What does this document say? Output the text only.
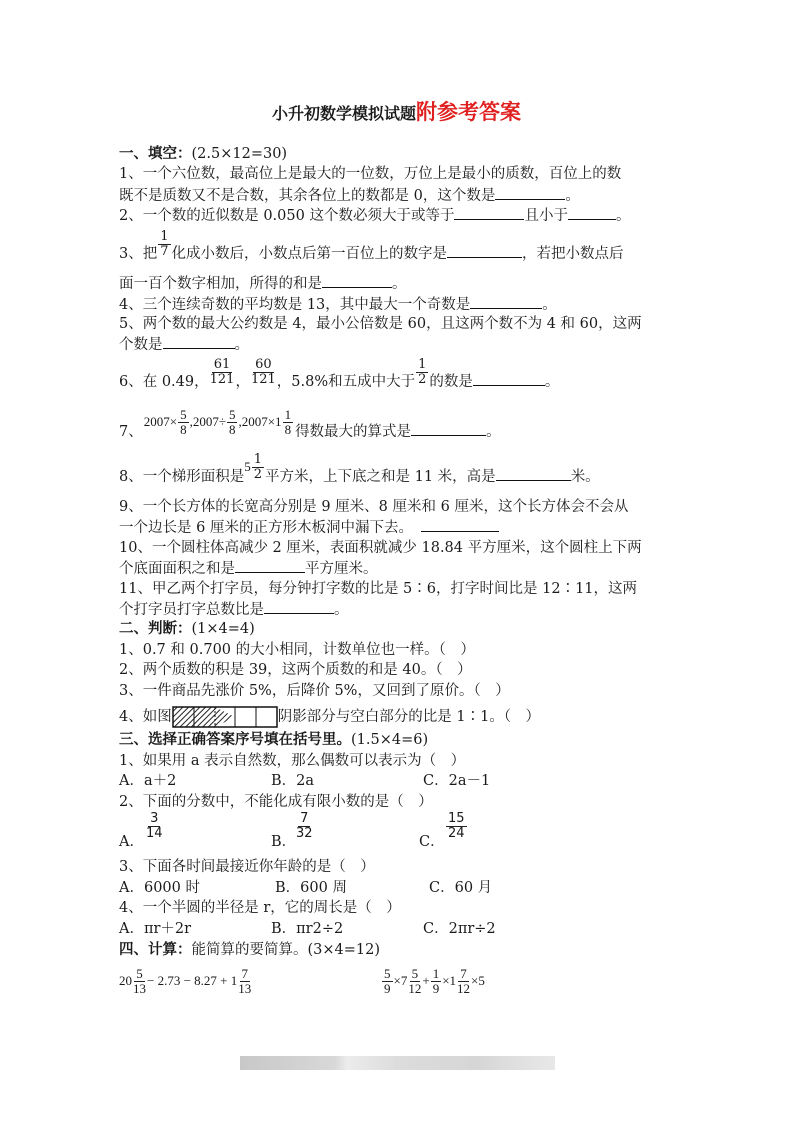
小升初数学模拟试题附参考答案
一、填空：(2.5×12=30)
1、一个六位数，最高位上是最大的一位数，万位上是最小的质数，百位上的数
既不是质数又不是合数，其余各位上的数都是 0，这个数是	。
2、一个数的近似数是 0.050 这个数必须大于或等于	且小于	。
3、把 $\frac{1}{7}$ 化成小数后，小数点后第一百位上的数字是	，若把小数点后
面一百个数字相加，所得的和是	。
4、三个连续奇数的平均数是 13，其中最大一个奇数是	。
5、两个数的最大公约数是 4，最小公倍数是 60，且这两个数不为 4 和 60，这两
个数是	。
6、在 0.49， $\frac{61}{121}$ ， $\frac{60}{121}$ ，5.8%和五成中大于 $\frac{1}{2}$ 的数是	。
7、
$2007\times \frac{5}{8} ,2007\div \frac{5}{8} ,2007\times 1 \frac{1}{8}$ 得数最大的算式是	。
8、一个梯形面积是$5 \frac{1}{2}$ 平方米，上下底之和是 11 米，高是	米。
9、一个长方体的长宽高分别是 9 厘米、8 厘米和 6 厘米，这个长方体会不会从
一个边长是 6 厘米的正方形木板洞中漏下去。
10、一个圆柱体高减少 2 厘米，表面积就减少 18.84 平方厘米，这个圆柱上下两
个底面面积之和是	平方厘米。
11、甲乙两个打字员，每分钟打字数的比是 5∶6，打字时间比是 12∶11，这两
个打字员打字总数比是	。
二、判断：(1×4=4)
1、0.7 和 0.700 的大小相同，计数单位也一样。（　）
2、两个质数的积是 39，这两个质数的和是 40。（　）
3、一件商品先涨价 5%，后降价 5%，又回到了原价。（　）
4、如图	阴影部分与空白部分的比是 1∶1。（　）
三、选择正确答案序号填在括号里。(1.5×4=6)
1、如果用 a 表示自然数，那么偶数可以表示为（　）
A．a＋2	B．2a	C．2a－1
2、下面的分数中，不能化成有限小数的是（　）
A．
$\frac{3}{14}$
B．
$\frac{7}{32}$
C．
$\frac{15}{24}$
3、下面各时间最接近你年龄的是（　）
A．6000 时	B．600 周	C．60 月
4、一个半圆的半径是 r，它的周长是（　）
A．πr＋2r	B．πr2÷2	C．2πr÷2
四、计算：能简算的要简算。(3×4=12)
$20 \frac{5}{13} - 2.73 - 8.27 + 1 \frac{7}{13}$	$\frac{5}{9} \times 7 \frac{5}{12} + \frac{1}{9} \times 1 \frac{7}{12} \times 5$
